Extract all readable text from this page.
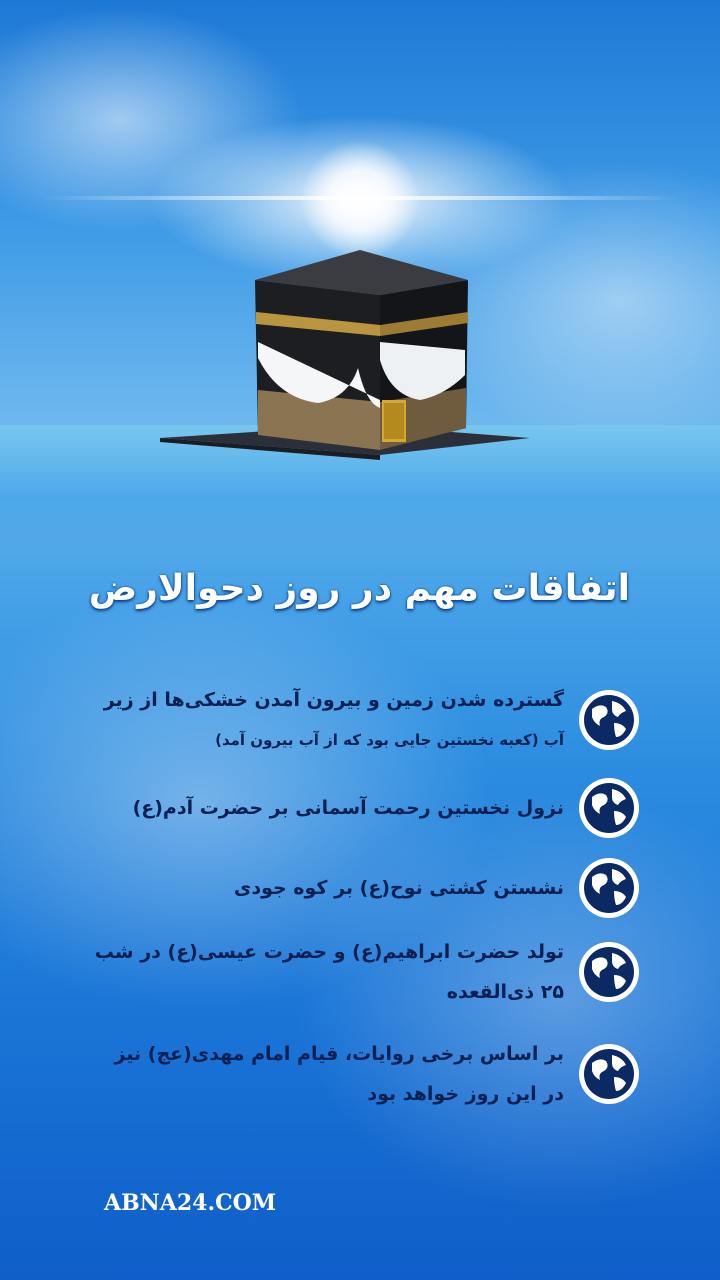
اتفاقات مهم در روز دحوالارض
گسترده شدن زمین و بیرون آمدن خشکی‌ها از زیر
آب (کعبه نخستین جایی بود که از آب بیرون آمد)
نزول نخستین رحمت آسمانی بر حضرت آدم(ع)
نشستن کشتی نوح(ع) بر کوه جودی
تولد حضرت ابراهیم(ع) و حضرت عیسی(ع) در شب
۲۵ ذی‌القعده
بر اساس برخی روایات، قیام امام مهدی(عج) نیز
در این روز خواهد بود
ABNA24.COM
